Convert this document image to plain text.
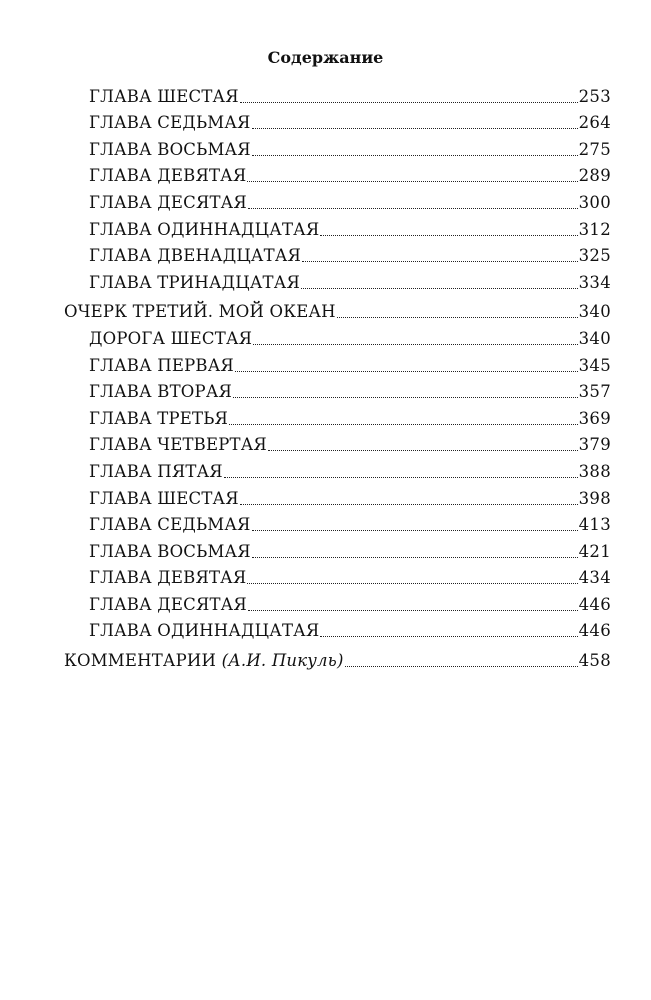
Содержание
ГЛАВА ШЕСТАЯ	253
ГЛАВА СЕДЬМАЯ	264
ГЛАВА ВОСЬМАЯ	275
ГЛАВА ДЕВЯТАЯ	289
ГЛАВА ДЕСЯТАЯ	300
ГЛАВА ОДИННАДЦАТАЯ	312
ГЛАВА ДВЕНАДЦАТАЯ	325
ГЛАВА ТРИНАДЦАТАЯ	334
ОЧЕРК ТРЕТИЙ. МОЙ ОКЕАН	340
ДОРОГА ШЕСТАЯ	340
ГЛАВА ПЕРВАЯ	345
ГЛАВА ВТОРАЯ	357
ГЛАВА ТРЕТЬЯ	369
ГЛАВА ЧЕТВЕРТАЯ	379
ГЛАВА ПЯТАЯ	388
ГЛАВА ШЕСТАЯ	398
ГЛАВА СЕДЬМАЯ	413
ГЛАВА ВОСЬМАЯ	421
ГЛАВА ДЕВЯТАЯ	434
ГЛАВА ДЕСЯТАЯ	446
ГЛАВА ОДИННАДЦАТАЯ	446
КОММЕНТАРИИ (А.И. Пикуль)	458
